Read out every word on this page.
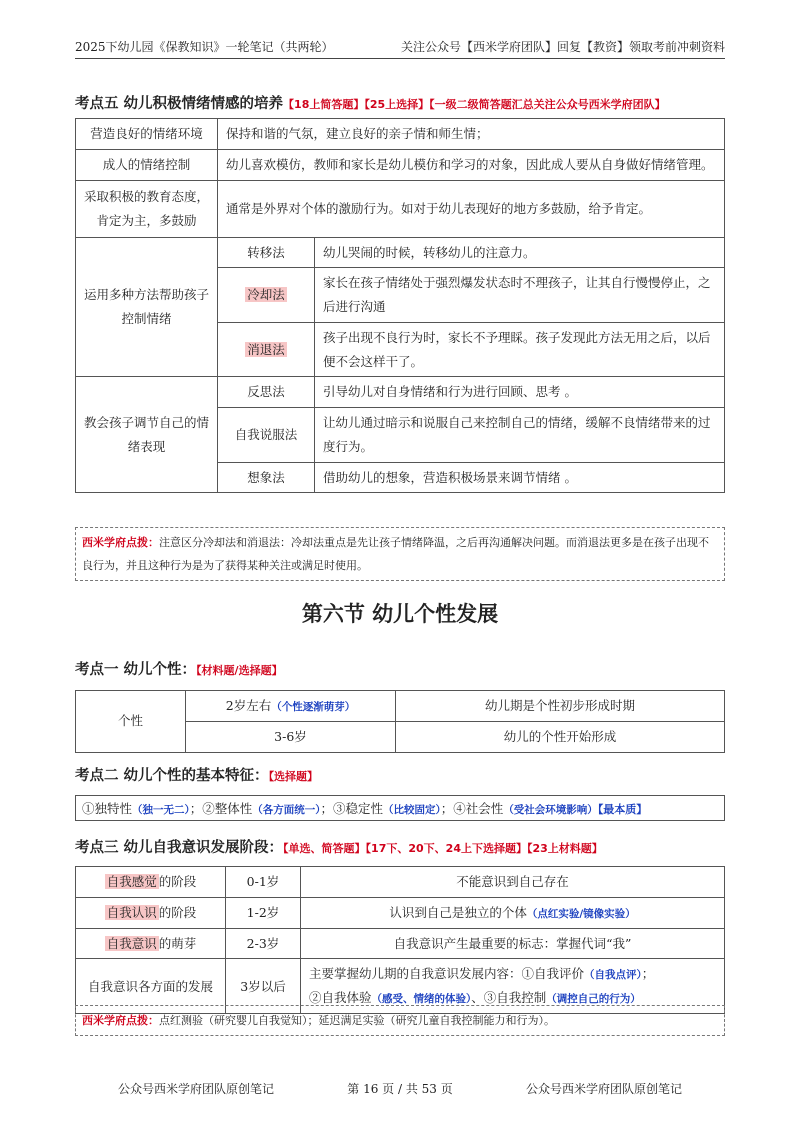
2025下幼儿园《保教知识》一轮笔记（共两轮）	关注公众号【西米学府团队】回复【教资】领取考前冲刺资料
考点五 幼儿积极情绪情感的培养【18上简答题】【25上选择】【一级二级简答题汇总关注公众号西米学府团队】
营造良好的情绪环境	保持和谐的气氛，建立良好的亲子情和师生情；	
成人的情绪控制	幼儿喜欢模仿，教师和家长是幼儿模仿和学习的对象，因此成人要从自身做好情绪管理。	
采取积极的教育态度，肯定为主，多鼓励	通常是外界对个体的激励行为。如对于幼儿表现好的地方多鼓励，给予肯定。	
运用多种方法帮助孩子控制情绪	转移法	幼儿哭闹的时候，转移幼儿的注意力。
	冷却法	家长在孩子情绪处于强烈爆发状态时不理孩子，让其自行慢慢停止，之后进行沟通
	消退法	孩子出现不良行为时，家长不予理睬。孩子发现此方法无用之后，以后便不会这样干了。
教会孩子调节自己的情绪表现	反思法	引导幼儿对自身情绪和行为进行回顾、思考 。
	自我说服法	让幼儿通过暗示和说服自己来控制自己的情绪，缓解不良情绪带来的过度行为。
	想象法	借助幼儿的想象，营造积极场景来调节情绪 。
西米学府点拨：注意区分冷却法和消退法：冷却法重点是先让孩子情绪降温，之后再沟通解决问题。而消退法更多是在孩子出现不良行为，并且这种行为是为了获得某种关注或满足时使用。
第六节 幼儿个性发展
考点一 幼儿个性：【材料题/选择题】
个性	2岁左右（个性逐渐萌芽）	幼儿期是个性初步形成时期
	3-6岁	幼儿的个性开始形成
考点二 幼儿个性的基本特征：【选择题】
①独特性（独一无二）；②整体性（各方面统一）；③稳定性（比较固定）；④社会性（受社会环境影响）【最本质】
考点三 幼儿自我意识发展阶段：【单选、简答题】【17下、20下、24上下选择题】【23上材料题】
自我感觉 的阶段	0-1岁	不能意识到自己存在
自我认识 的阶段	1-2岁	认识到自己是独立的个体（点红实验/镜像实验）
自我意识 的萌芽	2-3岁	自我意识产生最重要的标志：掌握代词“我”
自我意识各方面的发展	3岁以后	主要掌握幼儿期的自我意识发展内容：①自我评价（自我点评）；
②自我体验（感受、情绪的体验）、③自我控制（调控自己的行为）
西米学府点拨：点红测验（研究婴儿自我觉知）；延迟满足实验（研究儿童自我控制能力和行为）。
公众号西米学府团队原创笔记	第 16 页 / 共 53 页	公众号西米学府团队原创笔记
